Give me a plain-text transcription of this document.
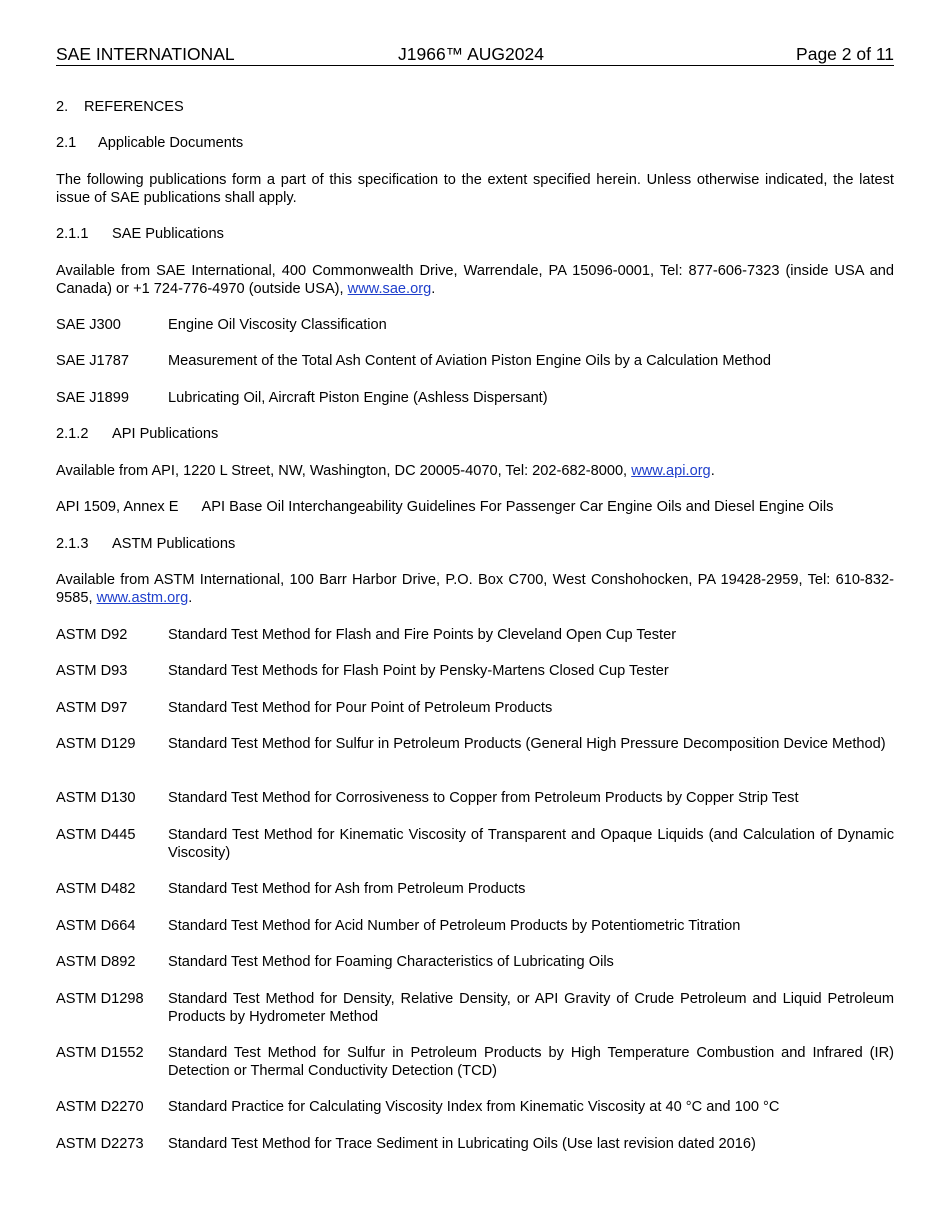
SAE INTERNATIONAL	J1966™ AUG2024	Page 2 of 11
2. REFERENCES
2.1 Applicable Documents
The following publications form a part of this specification to the extent specified herein. Unless otherwise indicated, the latest issue of SAE publications shall apply.
2.1.1 SAE Publications
Available from SAE International, 400 Commonwealth Drive, Warrendale, PA 15096-0001, Tel: 877-606-7323 (inside USA and Canada) or +1 724-776-4970 (outside USA), www.sae.org.
SAE J300	Engine Oil Viscosity Classification
SAE J1787	Measurement of the Total Ash Content of Aviation Piston Engine Oils by a Calculation Method
SAE J1899	Lubricating Oil, Aircraft Piston Engine (Ashless Dispersant)
2.1.2 API Publications
Available from API, 1220 L Street, NW, Washington, DC 20005-4070, Tel: 202-682-8000, www.api.org.
API 1509, Annex E API Base Oil Interchangeability Guidelines For Passenger Car Engine Oils and Diesel Engine Oils
2.1.3 ASTM Publications
Available from ASTM International, 100 Barr Harbor Drive, P.O. Box C700, West Conshohocken, PA 19428-2959, Tel: 610-832-9585, www.astm.org.
ASTM D92	Standard Test Method for Flash and Fire Points by Cleveland Open Cup Tester
ASTM D93	Standard Test Methods for Flash Point by Pensky-Martens Closed Cup Tester
ASTM D97	Standard Test Method for Pour Point of Petroleum Products
ASTM D129 Standard Test Method for Sulfur in Petroleum Products (General High Pressure Decomposition Device Method)
ASTM D130 Standard Test Method for Corrosiveness to Copper from Petroleum Products by Copper Strip Test
ASTM D445 Standard Test Method for Kinematic Viscosity of Transparent and Opaque Liquids (and Calculation of Dynamic Viscosity)
ASTM D482 Standard Test Method for Ash from Petroleum Products
ASTM D664 Standard Test Method for Acid Number of Petroleum Products by Potentiometric Titration
ASTM D892 Standard Test Method for Foaming Characteristics of Lubricating Oils
ASTM D1298 Standard Test Method for Density, Relative Density, or API Gravity of Crude Petroleum and Liquid Petroleum Products by Hydrometer Method
ASTM D1552 Standard Test Method for Sulfur in Petroleum Products by High Temperature Combustion and Infrared (IR) Detection or Thermal Conductivity Detection (TCD)
ASTM D2270 Standard Practice for Calculating Viscosity Index from Kinematic Viscosity at 40 °C and 100 °C
ASTM D2273 Standard Test Method for Trace Sediment in Lubricating Oils (Use last revision dated 2016)
